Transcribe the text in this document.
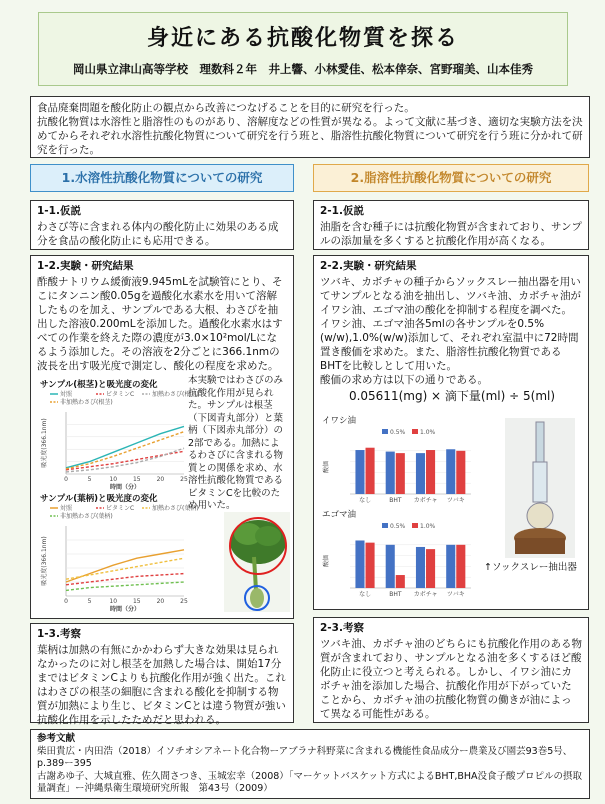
身近にある抗酸化物質を探る
岡山県立津山高等学校　理数科２年　井上響、小林愛佳、松本倖奈、宮野瑠美、山本佳秀
食品廃棄問題を酸化防止の観点から改善につなげることを目的に研究を行った。
抗酸化物質は水溶性と脂溶性のものがあり、溶解度などの性質が異なる。よって文献に基づき、適切な実験方法を決めてからそれぞれ水溶性抗酸化物質について研究を行う班と、脂溶性抗酸化物質について研究を行う班に分かれて研究を行った。
1.水溶性抗酸化物質についての研究	2.脂溶性抗酸化物質についての研究
1-1.仮説
わさび等に含まれる体内の酸化防止に効果のある成分を食品の酸化防止にも応用できる。
1-2.実験・研究結果
酢酸ナトリウム緩衝液9.945mLを試験管にとり、そこにタンニン酸0.05gを過酸化水素水を用いて溶解したものを加え、サンプルである大根、わさびを抽出した溶液0.200mLを添加した。過酸化水素水はすべての作業を終えた際の濃度が3.0×10²mol/Lになるよう添加した。その溶液を2分ごとに366.1nmの波長を出す吸光度で測定し、酸化の程度を求めた。
サンプル(根茎)と吸光度の変化
対照	ビタミンC	加熱わさび(根茎)
非加熱わさび(根茎)
0	5	10	15	20	25
吸光度(366.1nm)
時間（分）
サンプル(葉柄)と吸光度の変化
対照	ビタミンC	加熱わさび(葉柄)
非加熱わさび(葉柄)
0	5	10	15	20	25
吸光度(366.1nm)
時間（分）
本実験ではわさびのみ抗酸化作用が見られた。サンプルは根茎（下図青丸部分）と葉柄（下図赤丸部分）の2部である。加熱によるわさびに含まれる物質との関係を求め、水溶性抗酸化物質であるビタミンCを比較のため用いた。
1-3.考察
葉柄は加熱の有無にかかわらず大きな効果は見られなかったのに対し根茎を加熱した場合は、開始17分まではビタミンCよりも抗酸化作用が強く出た。これはわさびの根茎の細胞に含まれる酸化を抑制する物質が加熱により生じ、ビタミンCとは違う物質が強い抗酸化作用を示したためだと思われる。
2-1.仮説
油脂を含む種子には抗酸化物質が含まれており、サンプルの添加量を多くすると抗酸化作用が高くなる。
2-2.実験・研究結果
ツバキ、カボチャの種子からソックスレー抽出器を用いてサンプルとなる油を抽出し、ツバキ油、カボチャ油がイワシ油、エゴマ油の酸化を抑制する程度を調べた。イワシ油、エゴマ油各5mlの各サンプルを0.5%(w/w),1.0%(w/w)添加して、それぞれ室温中に72時間置き酸価を求めた。また、脂溶性抗酸化物質であるBHTを比較しとして用いた。
酸価の求め方は以下の通りである。
0.05611(mg) × 滴下量(ml) ÷ 5(ml)
↑ソックスレー抽出器
イワシ油
0.5% 1.0%
なし	BHT カボチャ ツバキ
酸価
エゴマ油
0.5% 1.0%
なし	BHT カボチャ ツバキ
酸価
2-3.考察
ツバキ油、カボチャ油のどちらにも抗酸化作用のある物質が含まれており、サンプルとなる油を多くするほど酸化防止に役立つと考えられる。しかし、イワシ油にカボチャ油を添加した場合、抗酸化作用が下がっていたことから、カボチャ油の抗酸化物質の働きが油によって異なる可能性がある。
参考文献
柴田貴広・内田浩（2018）イソチオシアネート化合物ーアブラナ科野菜に含まれる機能性食品成分ー農業及び園芸93巻5号、p.389ー395
古謝あゆ子、大城直雅、佐久間さつき、玉城宏幸（2008）「マーケットバスケット方式によるBHT,BHA没食子酸プロピルの摂取量調査」ー沖縄県衛生環境研究所報　第43号（2009）
